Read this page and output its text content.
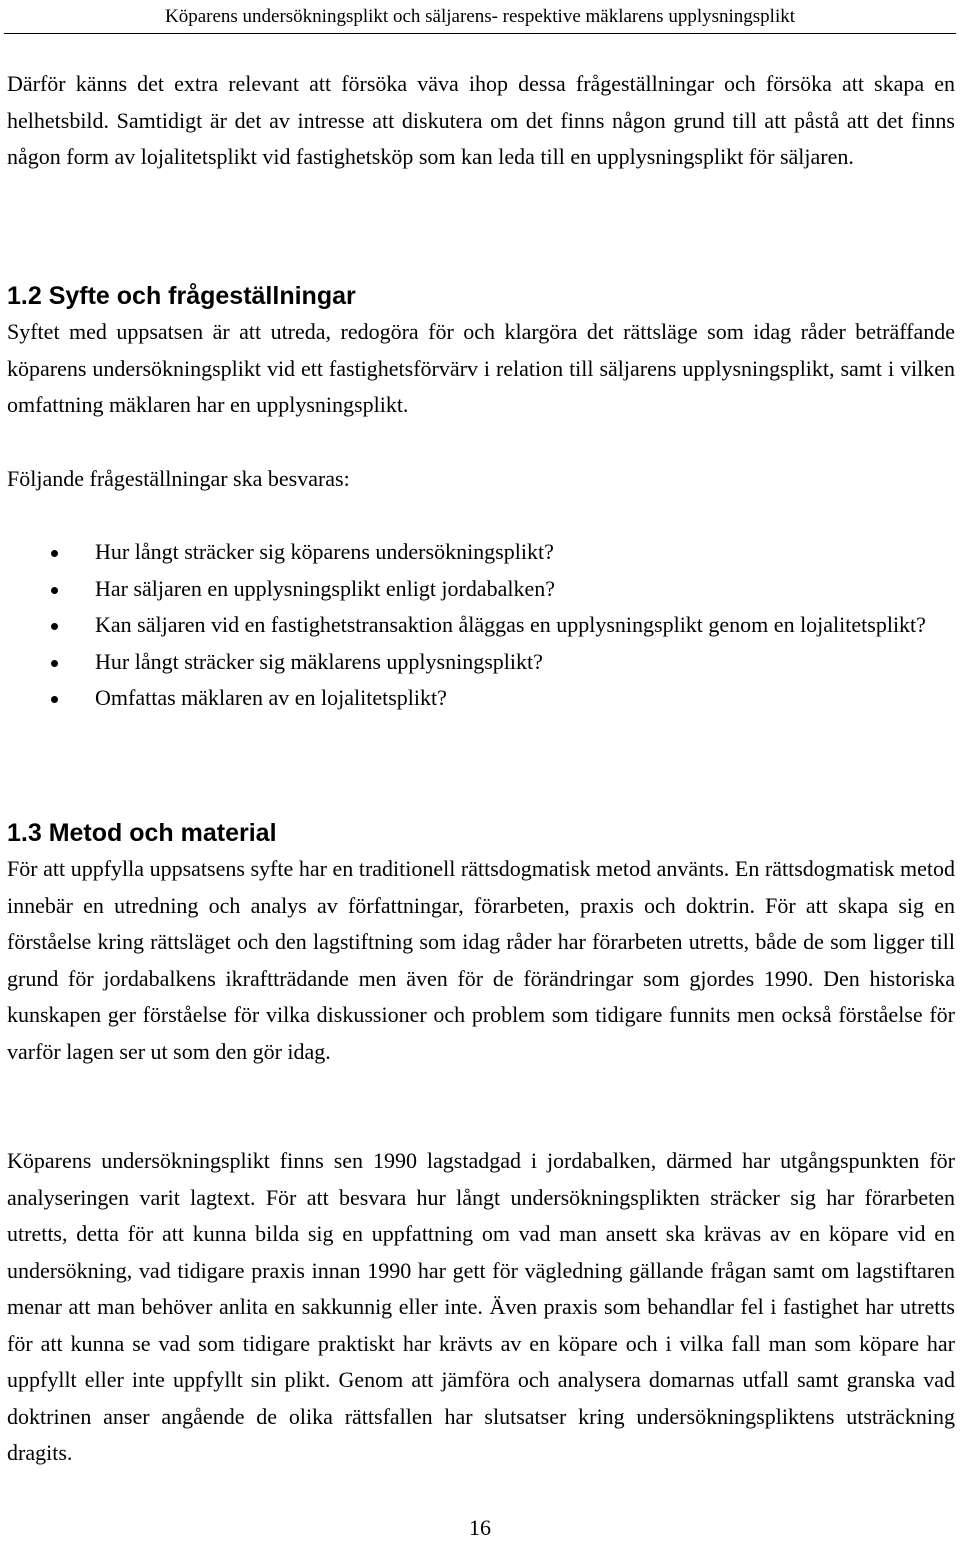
Köparens undersökningsplikt och säljarens- respektive mäklarens upplysningsplikt

Därför känns det extra relevant att försöka väva ihop dessa frågeställningar och försöka att skapa en helhetsbild. Samtidigt är det av intresse att diskutera om det finns någon grund till att påstå att det finns någon form av lojalitetsplikt vid fastighetsköp som kan leda till en upplysningsplikt för säljaren.

1.2 Syfte och frågeställningar

Syftet med uppsatsen är att utreda, redogöra för och klargöra det rättsläge som idag råder beträffande köparens undersökningsplikt vid ett fastighetsförvärv i relation till säljarens upplysningsplikt, samt i vilken omfattning mäklaren har en upplysningsplikt.

Följande frågeställningar ska besvaras:

Hur långt sträcker sig köparens undersökningsplikt?
Har säljaren en upplysningsplikt enligt jordabalken?
Kan säljaren vid en fastighetstransaktion åläggas en upplysningsplikt genom en lojalitetsplikt?
Hur långt sträcker sig mäklarens upplysningsplikt?
Omfattas mäklaren av en lojalitetsplikt?
1.3 Metod och material

För att uppfylla uppsatsens syfte har en traditionell rättsdogmatisk metod använts. En rättsdogmatisk metod innebär en utredning och analys av författningar, förarbeten, praxis och doktrin. För att skapa sig en förståelse kring rättsläget och den lagstiftning som idag råder har förarbeten utretts, både de som ligger till grund för jordabalkens ikraftträdande men även för de förändringar som gjordes 1990. Den historiska kunskapen ger förståelse för vilka diskussioner och problem som tidigare funnits men också förståelse för varför lagen ser ut som den gör idag.

Köparens undersökningsplikt finns sen 1990 lagstadgad i jordabalken, därmed har utgångspunkten för analyseringen varit lagtext. För att besvara hur långt undersökningsplikten sträcker sig har förarbeten utretts, detta för att kunna bilda sig en uppfattning om vad man ansett ska krävas av en köpare vid en undersökning, vad tidigare praxis innan 1990 har gett för vägledning gällande frågan samt om lagstiftaren menar att man behöver anlita en sakkunnig eller inte. Även praxis som behandlar fel i fastighet har utretts för att kunna se vad som tidigare praktiskt har krävts av en köpare och i vilka fall man som köpare har uppfyllt eller inte uppfyllt sin plikt. Genom att jämföra och analysera domarnas utfall samt granska vad doktrinen anser angående de olika rättsfallen har slutsatser kring undersökningspliktens utsträckning dragits.

16
